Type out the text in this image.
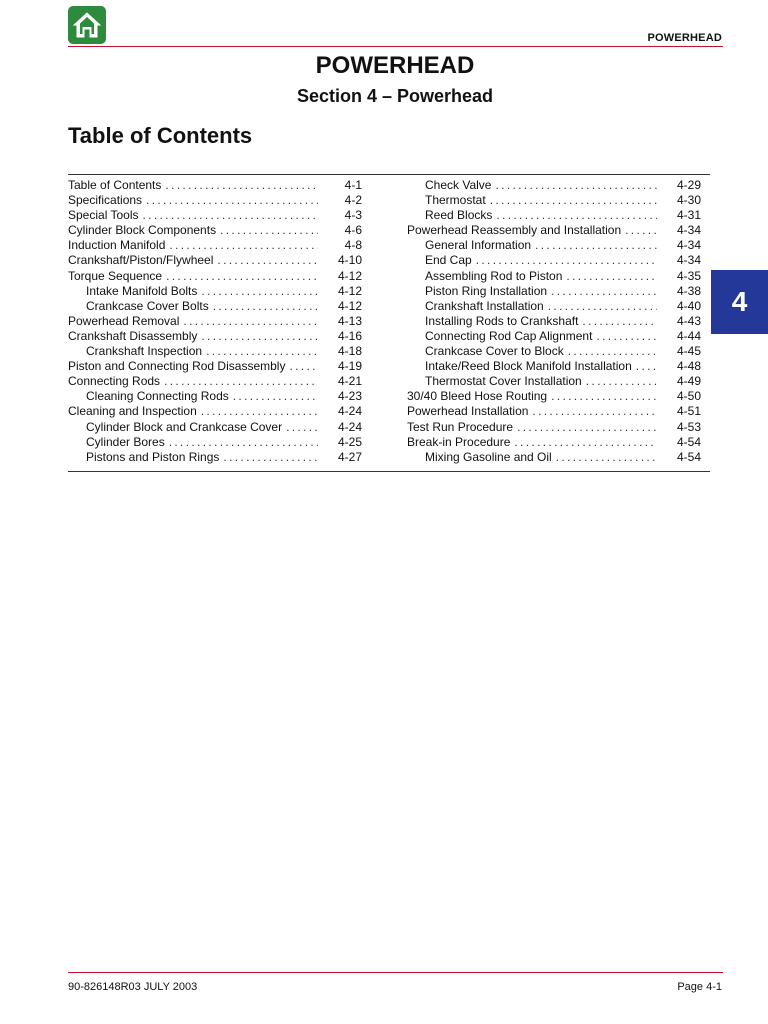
POWERHEAD
POWERHEAD
Section 4 – Powerhead
Table of Contents
Table of Contents . . .	4-1
Specifications . . .	4-2
Special Tools . . .	4-3
Cylinder Block Components . . .	4-6
Induction Manifold . . .	4-8
Crankshaft/Piston/Flywheel . . .	4-10
Torque Sequence . . .	4-12
Intake Manifold Bolts . . .	4-12
Crankcase Cover Bolts . . .	4-12
Powerhead Removal . . .	4-13
Crankshaft Disassembly . . .	4-16
Crankshaft Inspection . . .	4-18
Piston and Connecting Rod Disassembly . . .	4-19
Connecting Rods . . .	4-21
Cleaning Connecting Rods . . .	4-23
Cleaning and Inspection . . .	4-24
Cylinder Block and Crankcase Cover . . .	4-24
Cylinder Bores . . .	4-25
Pistons and Piston Rings . . .	4-27
Check Valve . . .	4-29
Thermostat . . .	4-30
Reed Blocks . . .	4-31
Powerhead Reassembly and Installation . . .	4-34
General Information . . .	4-34
End Cap . . .	4-34
Assembling Rod to Piston . . .	4-35
Piston Ring Installation . . .	4-38
Crankshaft Installation . . .	4-40
Installing Rods to Crankshaft . . .	4-43
Connecting Rod Cap Alignment . . .	4-44
Crankcase Cover to Block . . .	4-45
Intake/Reed Block Manifold Installation . . .	4-48
Thermostat Cover Installation . . .	4-49
30/40 Bleed Hose Routing . . .	4-50
Powerhead Installation . . .	4-51
Test Run Procedure . . .	4-53
Break-in Procedure . . .	4-54
Mixing Gasoline and Oil . . .	4-54
4
90-826148R03 JULY 2003	Page 4-1
